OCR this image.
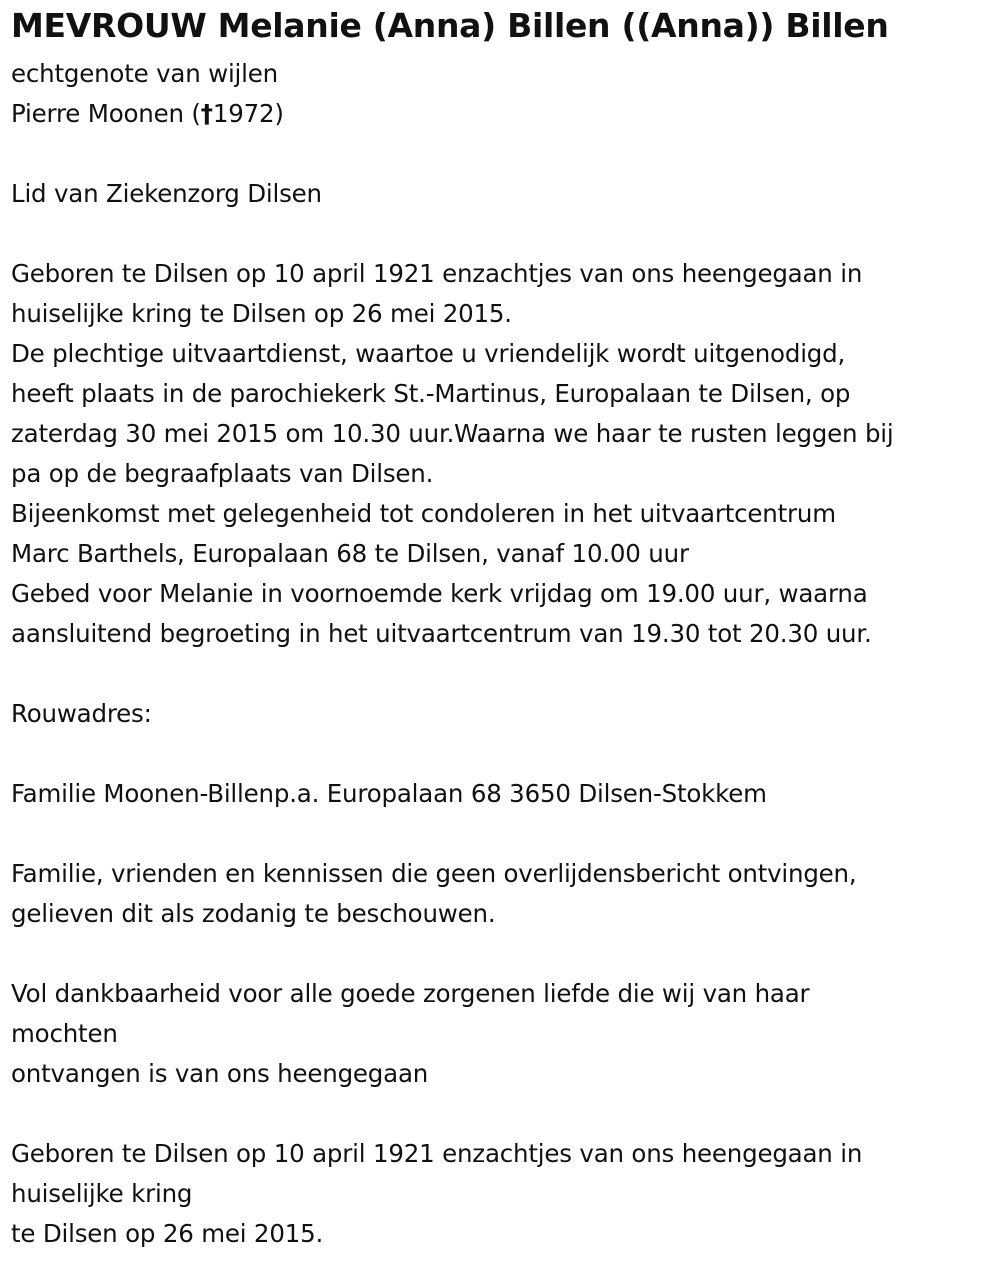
MEVROUW Melanie (Anna) Billen ((Anna)) Billen
echtgenote van wijlen
Pierre Moonen (†1972)
Lid van Ziekenzorg Dilsen
Geboren te Dilsen op 10 april 1921 enzachtjes van ons heengegaan in
huiselijke kring te Dilsen op 26 mei 2015.
De plechtige uitvaartdienst, waartoe u vriendelijk wordt uitgenodigd,
heeft plaats in de parochiekerk St.-Martinus, Europalaan te Dilsen, op
zaterdag 30 mei 2015 om 10.30 uur.Waarna we haar te rusten leggen bij
pa op de begraafplaats van Dilsen.
Bijeenkomst met gelegenheid tot condoleren in het uitvaartcentrum
Marc Barthels, Europalaan 68 te Dilsen, vanaf 10.00 uur
Gebed voor Melanie in voornoemde kerk vrijdag om 19.00 uur, waarna
aansluitend begroeting in het uitvaartcentrum van 19.30 tot 20.30 uur.
Rouwadres:
Familie Moonen-Billenp.a. Europalaan 68 3650 Dilsen-Stokkem
Familie, vrienden en kennissen die geen overlijdensbericht ontvingen,
gelieven dit als zodanig te beschouwen.
Vol dankbaarheid voor alle goede zorgenen liefde die wij van haar
mochten
ontvangen is van ons heengegaan
Geboren te Dilsen op 10 april 1921 enzachtjes van ons heengegaan in
huiselijke kring
te Dilsen op 26 mei 2015.
